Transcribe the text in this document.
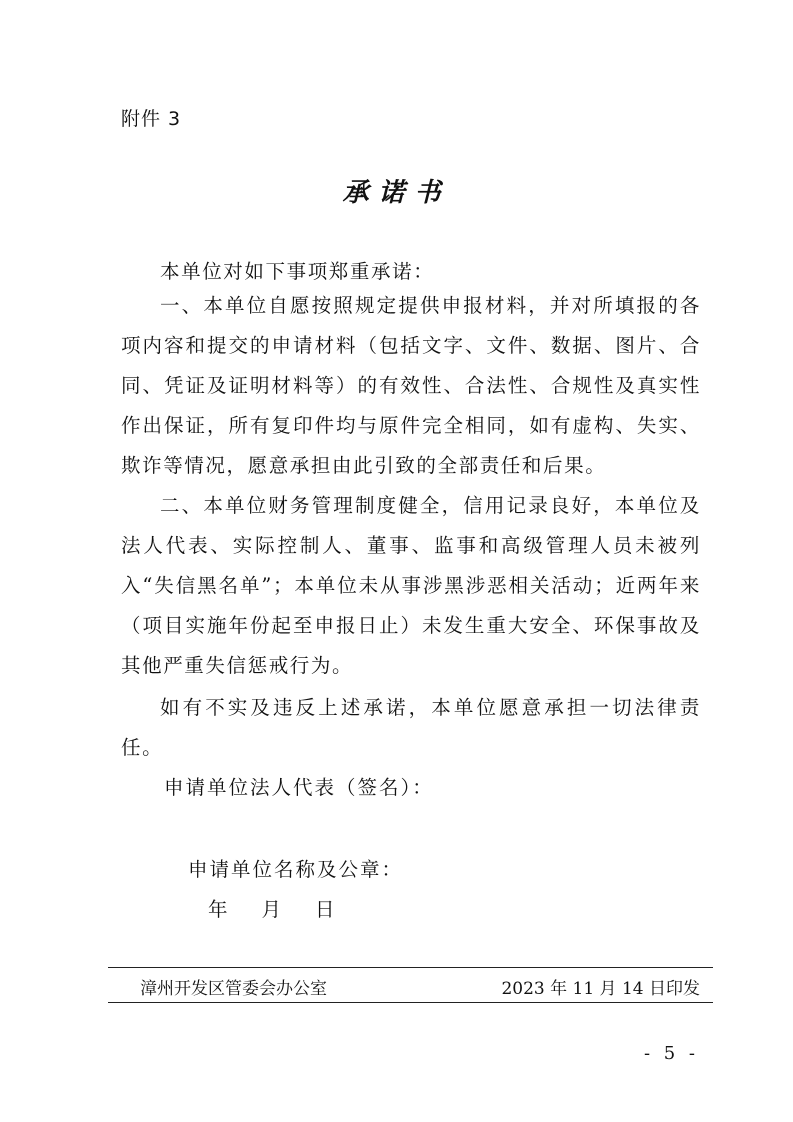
附件 3
承诺书

本单位对如下事项郑重承诺：

一、本单位自愿按照规定提供申报材料，并对所填报的各项内容和提交的申请材料（包括文字、文件、数据、图片、合同、凭证及证明材料等）的有效性、合法性、合规性及真实性作出保证，所有复印件均与原件完全相同，如有虚构、失实、欺诈等情况，愿意承担由此引致的全部责任和后果。

二、本单位财务管理制度健全，信用记录良好，本单位及法人代表、实际控制人、董事、监事和高级管理人员未被列入“失信黑名单”；本单位未从事涉黑涉恶相关活动；近两年来（项目实施年份起至申报日止）未发生重大安全、环保事故及其他严重失信惩戒行为。

如有不实及违反上述承诺，本单位愿意承担一切法律责任。

申请单位法人代表（签名）：
申请单位名称及公章：
年 月 日
漳州开发区管委会办公室	2023 年 11 月 14 日印发
- 5 -
